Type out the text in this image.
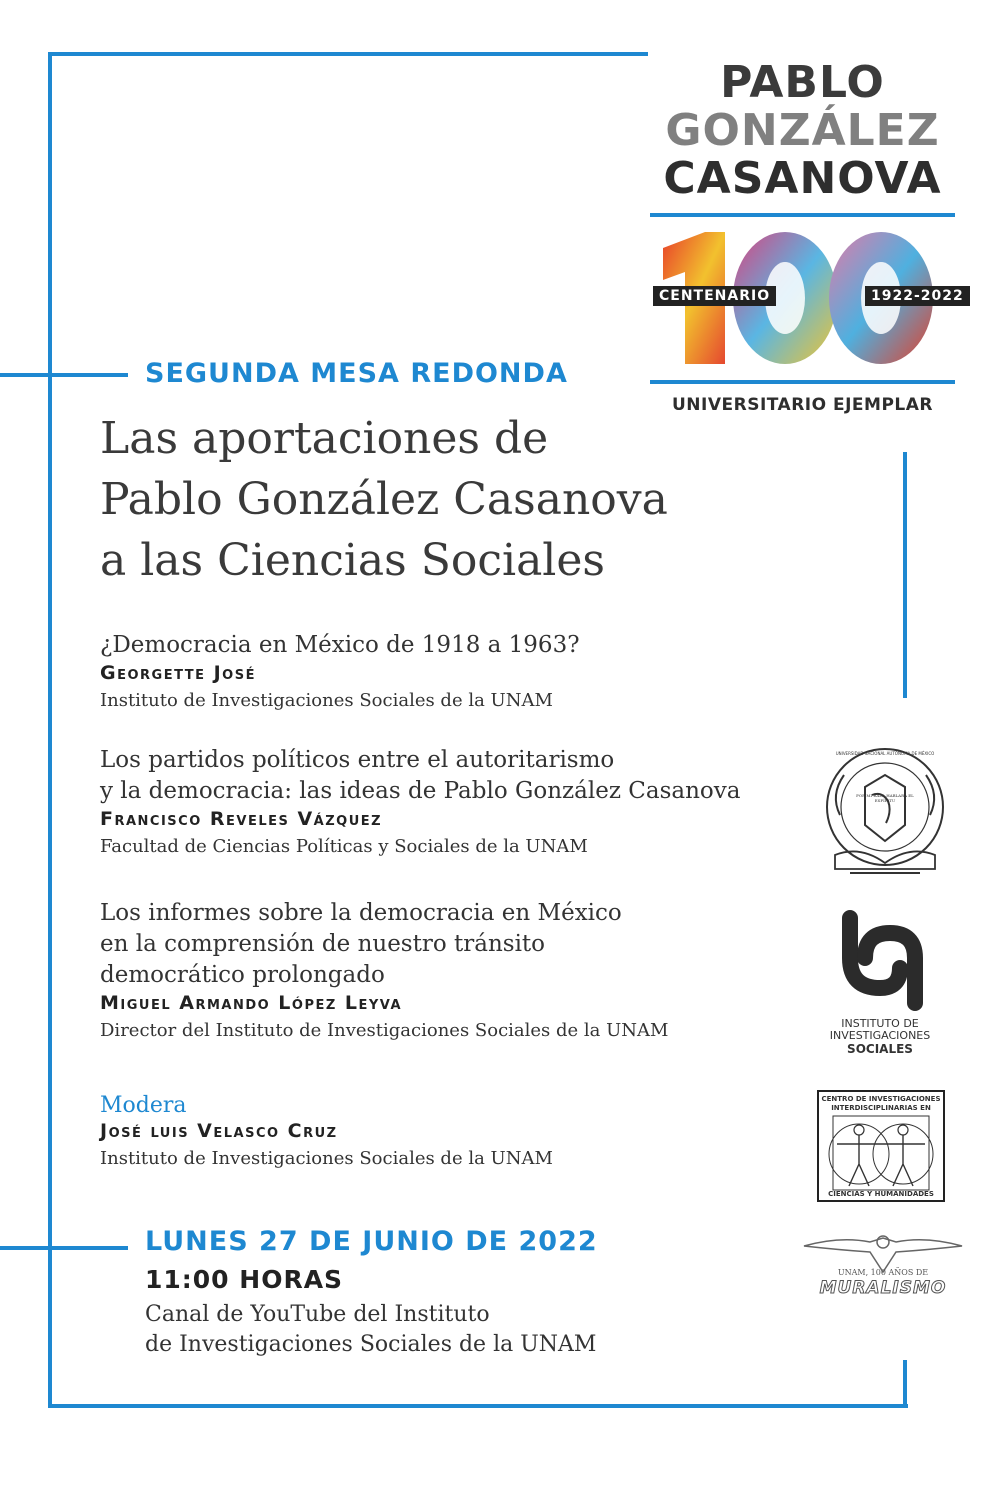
PABLO
GONZÁLEZ
CASANOVA
CENTENARIO	1922-2022
UNIVERSITARIO EJEMPLAR
SEGUNDA MESA REDONDA
Las aportaciones de
Pablo González Casanova
a las Ciencias Sociales
¿Democracia en México de 1918 a 1963?
Georgette José
Instituto de Investigaciones Sociales de la UNAM
Los partidos políticos entre el autoritarismo
y la democracia: las ideas de Pablo González Casanova
Francisco Reveles Vázquez
Facultad de Ciencias Políticas y Sociales de la UNAM
Los informes sobre la democracia en México
en la comprensión de nuestro tránsito
democrático prolongado
Miguel Armando López Leyva
Director del Instituto de Investigaciones Sociales de la UNAM
Modera
José luis Velasco Cruz
Instituto de Investigaciones Sociales de la UNAM
LUNES 27 DE JUNIO DE 2022
11:00 HORAS
Canal de YouTube del Instituto
de Investigaciones Sociales de la UNAM
UNIVERSIDAD NACIONAL AUTÓNOMA DE MÉXICO
POR MI RAZA HABLARÁ EL ESPÍRITU
INSTITUTO DE
INVESTIGACIONES
SOCIALES
CENTRO DE INVESTIGACIONES
INTERDISCIPLINARIAS EN
CIENCIAS Y HUMANIDADES
UNAM, 100 AÑOS DE
MURALISMO
